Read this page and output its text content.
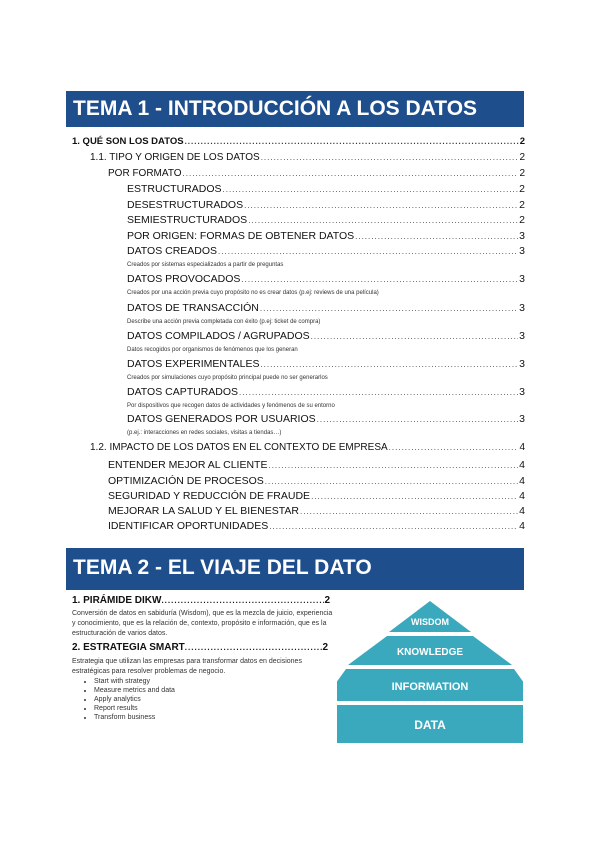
TEMA 1 - INTRODUCCIÓN A LOS DATOS
1. QUÉ SON LOS DATOS .....	2
1.1. TIPO Y ORIGEN DE LOS DATOS .....	2
POR FORMATO .....	2
ESTRUCTURADOS .....	2
DESESTRUCTURADOS .....	2
SEMIESTRUCTURADOS .....	2
POR ORIGEN: FORMAS DE OBTENER DATOS .....	3
DATOS CREADOS .....	3
Creados por sistemas especializados a partir de preguntas
DATOS PROVOCADOS .....	3
Creados por una acción previa cuyo propósito no es crear datos (p.ej: reviews de una película)
DATOS DE TRANSACCIÓN .....	3
Describe una acción previa completada con éxito (p.ej: ticket de compra)
DATOS COMPILADOS / AGRUPADOS .....	3
Datos recogidos por organismos de fenómenos que los generan
DATOS EXPERIMENTALES .....	3
Creados por simulaciones cuyo propósito principal puede no ser generarlos
DATOS CAPTURADOS .....	3
Por dispositivos que recogen datos de actividades y fenómenos de su entorno
DATOS GENERADOS POR USUARIOS .....	3
(p.ej.: interacciones en redes sociales, visitas a tiendas…)
1.2. IMPACTO DE LOS DATOS EN EL CONTEXTO DE EMPRESA .....	4
ENTENDER MEJOR AL CLIENTE .....	4
OPTIMIZACIÓN DE PROCESOS .....	4
SEGURIDAD Y REDUCCIÓN DE FRAUDE .....	4
MEJORAR LA SALUD Y EL BIENESTAR .....	4
IDENTIFICAR OPORTUNIDADES .....	4
TEMA 2 - EL VIAJE DEL DATO
1. PIRÁMIDE DIKW .....	2
Conversión de datos en sabiduría (Wisdom), que es la mezcla de juicio, experiencia y conocimiento, que es la relación de, contexto, propósito e información, que es la estructuración de varios datos.
2. ESTRATEGIA SMART .....	2
Estrategia que utilizan las empresas para transformar datos en decisiones estratégicas para resolver problemas de negocio.
• Start with strategy
• Measure metrics and data
• Apply analytics
• Report results
• Transform business
WISDOM
KNOWLEDGE
INFORMATION
DATA
